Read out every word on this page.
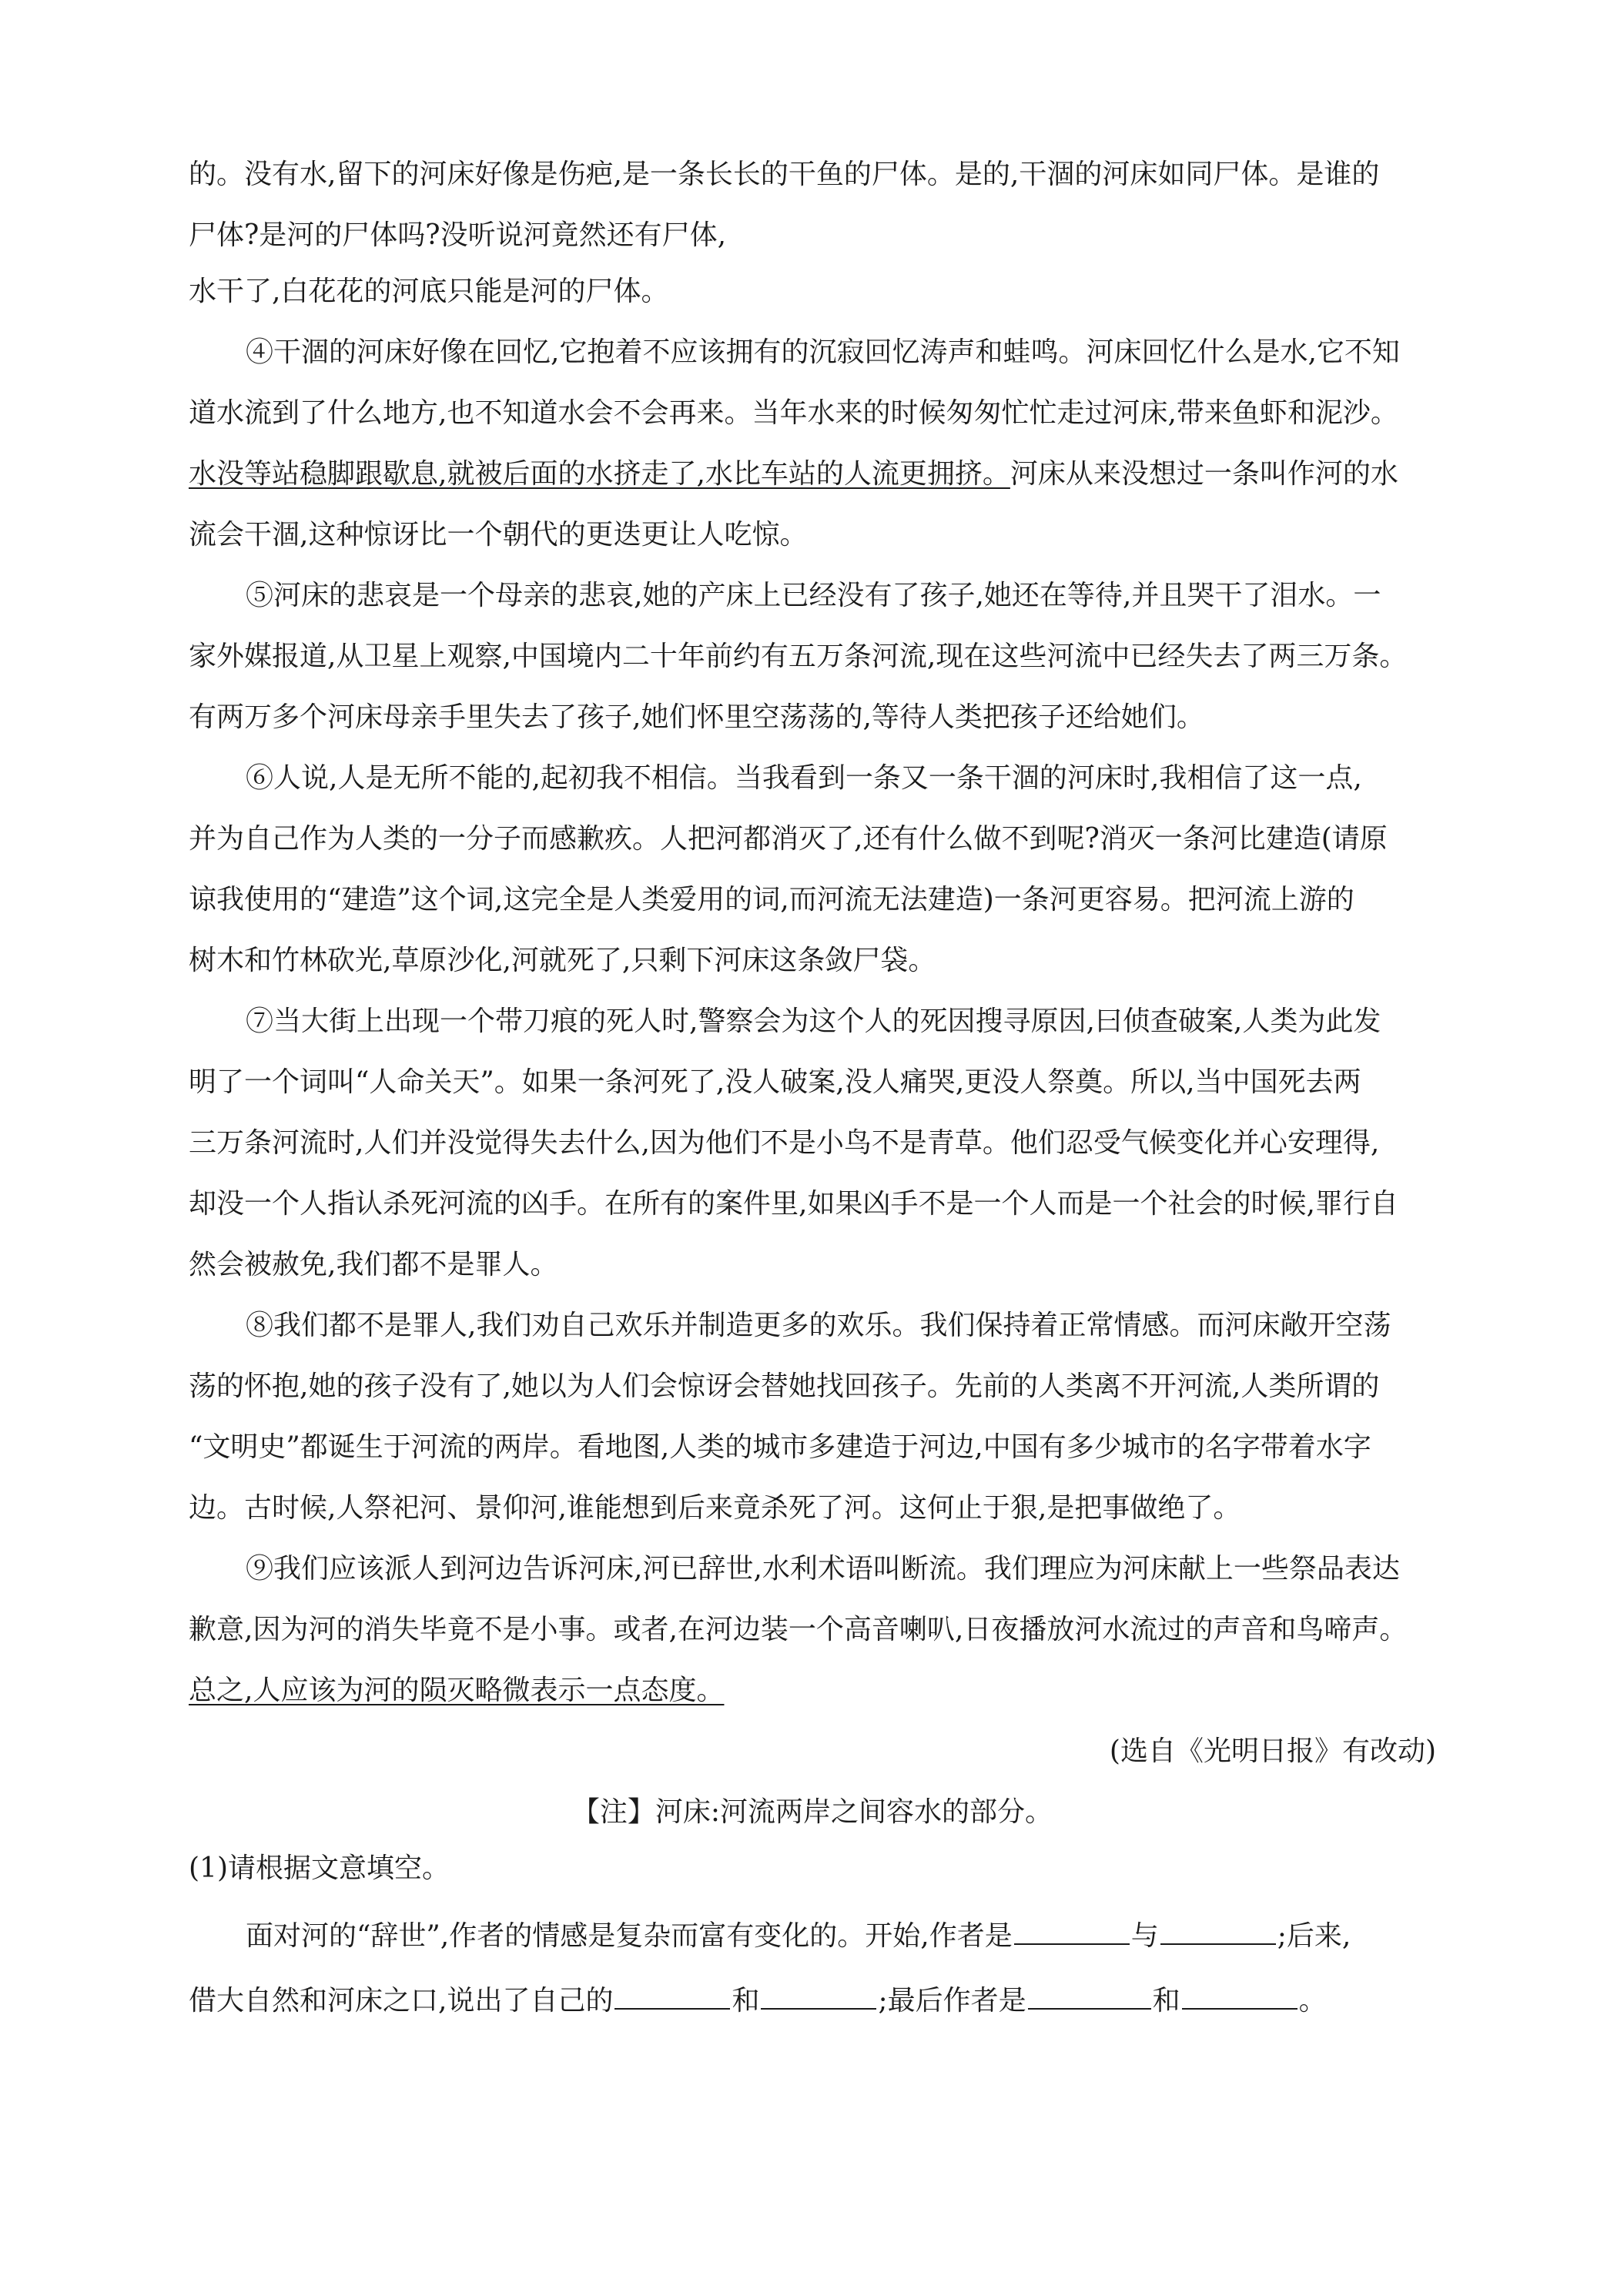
的。没有水,留下的河床好像是伤疤,是一条长长的干鱼的尸体。是的,干涸的河床如同尸体。是谁的
尸体?是河的尸体吗?没听说河竟然还有尸体,
水干了,白花花的河底只能是河的尸体。
④干涸的河床好像在回忆,它抱着不应该拥有的沉寂回忆涛声和蛙鸣。河床回忆什么是水,它不知
道水流到了什么地方,也不知道水会不会再来。当年水来的时候匆匆忙忙走过河床,带来鱼虾和泥沙。
水没等站稳脚跟歇息,就被后面的水挤走了,水比车站的人流更拥挤。河床从来没想过一条叫作河的水
流会干涸,这种惊讶比一个朝代的更迭更让人吃惊。
⑤河床的悲哀是一个母亲的悲哀,她的产床上已经没有了孩子,她还在等待,并且哭干了泪水。一
家外媒报道,从卫星上观察,中国境内二十年前约有五万条河流,现在这些河流中已经失去了两三万条。
有两万多个河床母亲手里失去了孩子,她们怀里空荡荡的,等待人类把孩子还给她们。
⑥人说,人是无所不能的,起初我不相信。当我看到一条又一条干涸的河床时,我相信了这一点,
并为自己作为人类的一分子而感歉疚。人把河都消灭了,还有什么做不到呢?消灭一条河比建造(请原
谅我使用的“建造”这个词,这完全是人类爱用的词,而河流无法建造)一条河更容易。把河流上游的
树木和竹林砍光,草原沙化,河就死了,只剩下河床这条敛尸袋。
⑦当大街上出现一个带刀痕的死人时,警察会为这个人的死因搜寻原因,曰侦查破案,人类为此发
明了一个词叫“人命关天”。如果一条河死了,没人破案,没人痛哭,更没人祭奠。所以,当中国死去两
三万条河流时,人们并没觉得失去什么,因为他们不是小鸟不是青草。他们忍受气候变化并心安理得,
却没一个人指认杀死河流的凶手。在所有的案件里,如果凶手不是一个人而是一个社会的时候,罪行自
然会被赦免,我们都不是罪人。
⑧我们都不是罪人,我们劝自己欢乐并制造更多的欢乐。我们保持着正常情感。而河床敞开空荡
荡的怀抱,她的孩子没有了,她以为人们会惊讶会替她找回孩子。先前的人类离不开河流,人类所谓的
“文明史”都诞生于河流的两岸。看地图,人类的城市多建造于河边,中国有多少城市的名字带着水字
边。古时候,人祭祀河、景仰河,谁能想到后来竟杀死了河。这何止于狠,是把事做绝了。
⑨我们应该派人到河边告诉河床,河已辞世,水利术语叫断流。我们理应为河床献上一些祭品表达
歉意,因为河的消失毕竟不是小事。或者,在河边装一个高音喇叭,日夜播放河水流过的声音和鸟啼声。
总之,人应该为河的陨灭略微表示一点态度。
(选自《光明日报》有改动)
【注】河床:河流两岸之间容水的部分。
(1)请根据文意填空。
面对河的“辞世”,作者的情感是复杂而富有变化的。开始,作者是	与	;后来,
借大自然和河床之口,说出了自己的	和	;最后作者是	和	。
